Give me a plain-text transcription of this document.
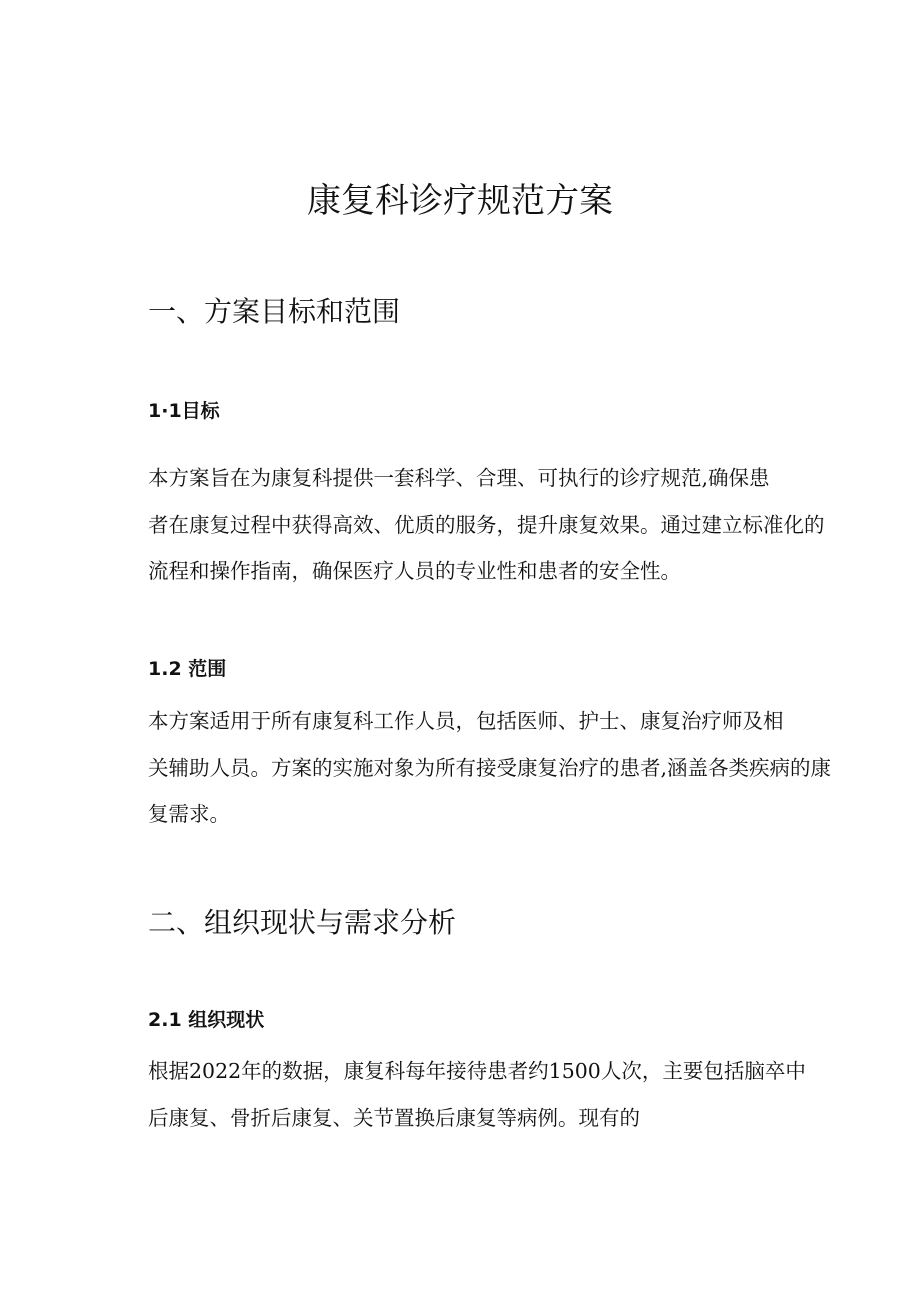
康复科诊疗规范方案
一、方案目标和范围
1·1目标
本方案旨在为康复科提供一套科学、合理、可执行的诊疗规范,确保患
者在康复过程中获得高效、优质的服务，提升康复效果。通过建立标准化的
流程和操作指南，确保医疗人员的专业性和患者的安全性。
1.2 范围
本方案适用于所有康复科工作人员，包括医师、护士、康复治疗师及相
关辅助人员。方案的实施对象为所有接受康复治疗的患者,涵盖各类疾病的康
复需求。
二、组织现状与需求分析
2.1 组织现状
根据2022年的数据，康复科每年接待患者约1500人次，主要包括脑卒中
后康复、骨折后康复、关节置换后康复等病例。现有的
